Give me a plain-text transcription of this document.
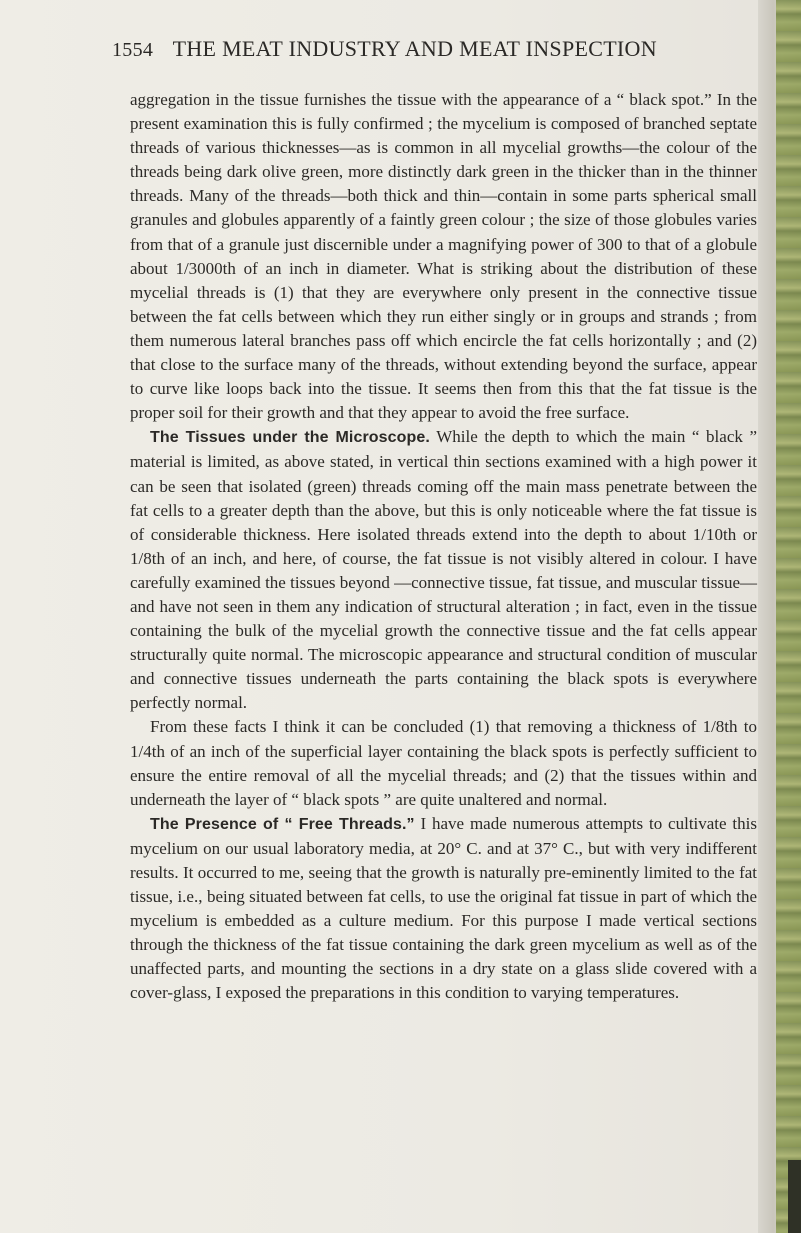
1554 THE MEAT INDUSTRY AND MEAT INSPECTION

aggregation in the tissue furnishes the tissue with the appearance of a “ black spot.” In the present examination this is fully confirmed ; the mycelium is composed of branched septate threads of various thicknesses—as is common in all mycelial growths—the colour of the threads being dark olive green, more distinctly dark green in the thicker than in the thinner threads. Many of the threads—both thick and thin—contain in some parts spherical small granules and globules apparently of a faintly green colour ; the size of those globules varies from that of a granule just discernible under a magnifying power of 300 to that of a globule about 1/3000th of an inch in diameter. What is striking about the distribution of these mycelial threads is (1) that they are everywhere only present in the connective tissue between the fat cells between which they run either singly or in groups and strands ; from them numerous lateral branches pass off which encircle the fat cells horizontally ; and (2) that close to the surface many of the threads, without extending beyond the surface, appear to curve like loops back into the tissue. It seems then from this that the fat tissue is the proper soil for their growth and that they appear to avoid the free surface.

The Tissues under the Microscope. While the depth to which the main “ black ” material is limited, as above stated, in vertical thin sections examined with a high power it can be seen that isolated (green) threads coming off the main mass penetrate between the fat cells to a greater depth than the above, but this is only noticeable where the fat tissue is of considerable thickness. Here isolated threads extend into the depth to about 1/10th or 1/8th of an inch, and here, of course, the fat tissue is not visibly altered in colour. I have carefully examined the tissues beyond —connective tissue, fat tissue, and muscular tissue—and have not seen in them any indication of structural alteration ; in fact, even in the tissue containing the bulk of the mycelial growth the connective tissue and the fat cells appear structurally quite normal. The microscopic appearance and structural condition of muscular and connective tissues underneath the parts containing the black spots is everywhere perfectly normal.

From these facts I think it can be concluded (1) that removing a thickness of 1/8th to 1/4th of an inch of the superficial layer containing the black spots is perfectly sufficient to ensure the entire removal of all the mycelial threads; and (2) that the tissues within and underneath the layer of “ black spots ” are quite unaltered and normal.

The Presence of “ Free Threads.” I have made numerous attempts to cultivate this mycelium on our usual laboratory media, at 20° C. and at 37° C., but with very indifferent results. It occurred to me, seeing that the growth is naturally pre-eminently limited to the fat tissue, i.e., being situated between fat cells, to use the original fat tissue in part of which the mycelium is embedded as a culture medium. For this purpose I made vertical sections through the thickness of the fat tissue containing the dark green mycelium as well as of the unaffected parts, and mounting the sections in a dry state on a glass slide covered with a cover-glass, I exposed the preparations in this condition to varying temperatures.
